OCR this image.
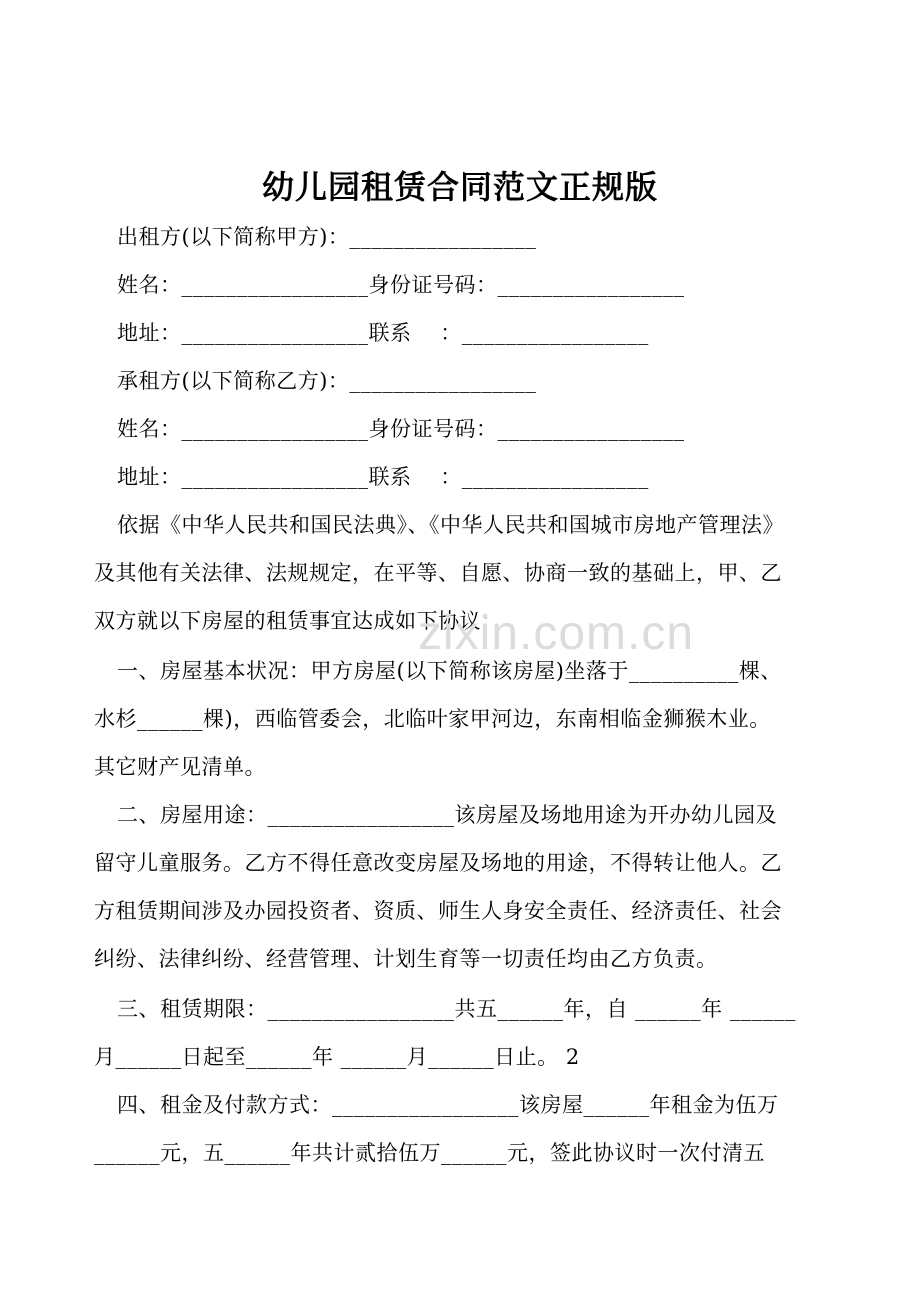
幼儿园租赁合同范文正规版
出租方(以下简称甲方)：_________________
姓名：_________________身份证号码：_________________
地址：_________________联系    ：_________________
承租方(以下简称乙方)：_________________
姓名：_________________身份证号码：_________________
地址：_________________联系    ：_________________
依据《中华人民共和国民法典》、《中华人民共和国城市房地产管理法》
及其他有关法律、法规规定，在平等、自愿、协商一致的基础上，甲、乙
双方就以下房屋的租赁事宜达成如下协议：
zixin.com.cn
一、房屋基本状况：甲方房屋(以下简称该房屋)坐落于__________棵、
水杉______棵)，西临管委会，北临叶家甲河边，东南相临金狮猴木业。
其它财产见清单。
二、房屋用途：_________________该房屋及场地用途为开办幼儿园及
留守儿童服务。乙方不得任意改变房屋及场地的用途，不得转让他人。乙
方租赁期间涉及办园投资者、资质、师生人身安全责任、经济责任、社会
纠纷、法律纠纷、经营管理、计划生育等一切责任均由乙方负责。
三、租赁期限：_________________共五______年，自 ______年 ______
月______日起至______年 ______月______日止。 2
四、租金及付款方式：_________________该房屋______年租金为伍万
______元，五______年共计贰拾伍万______元，签此协议时一次付清五
